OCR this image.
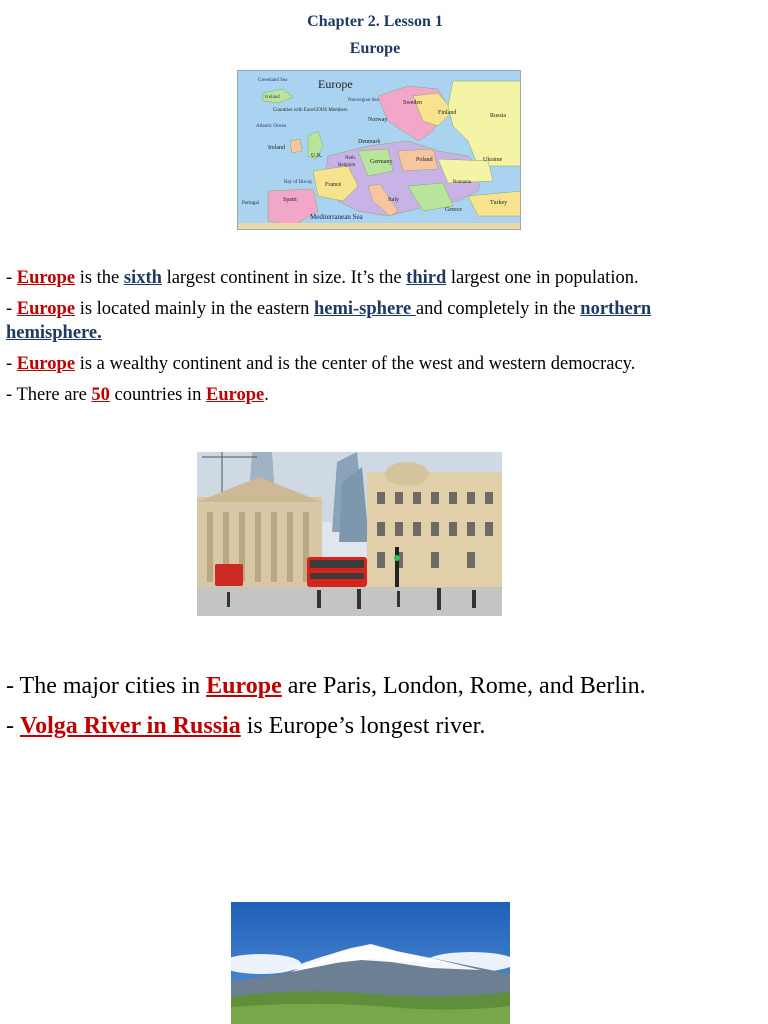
Chapter 2. Lesson 1
Europe
Europe
Greenland Sea
Iceland
Norwegian Sea	Sweden
Finland	Russia
Norway
Countries with EuroGOOS Members
Atlantic Ocean
Ireland
U.K.
Denmark
Neth.
Belgium
Germany	Poland	Ukraine
France
Italy
Spain
Romania
Greece
Turkey
Mediterranean Sea
Portugal
Bay of Biscay
- Europe is the sixth largest continent in size. It’s the third largest one in population.
- Europe is located mainly in the eastern hemi-sphere and completely in the northern
hemisphere.
- Europe is a wealthy continent and is the center of the west and western democracy.
- There are 50 countries in Europe.
- The major cities in Europe are Paris, London, Rome, and Berlin.
- Volga River in Russia is Europe’s longest river.
